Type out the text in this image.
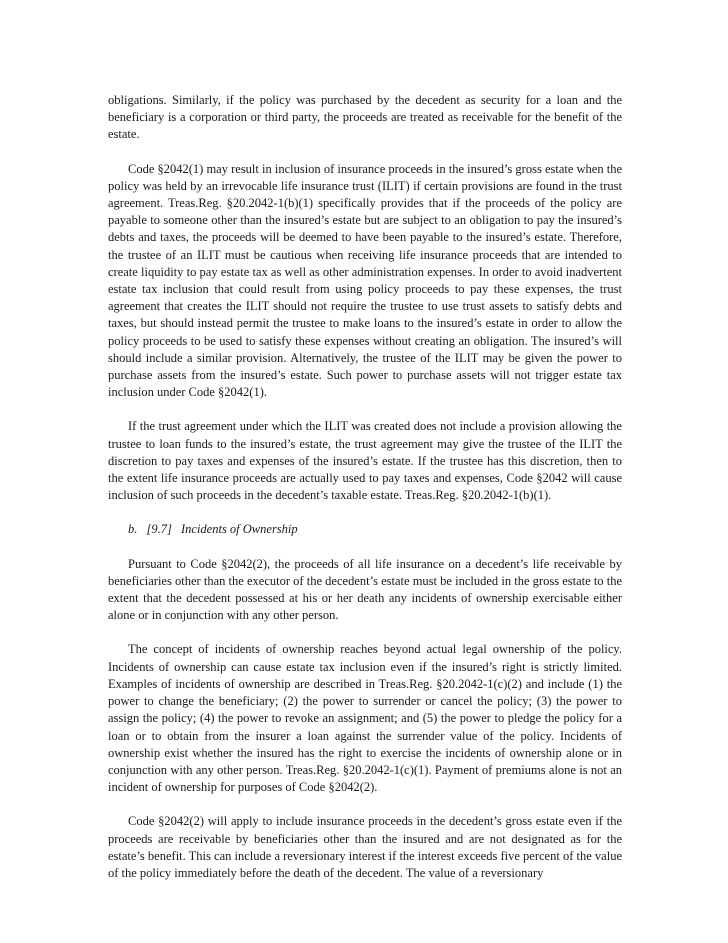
obligations. Similarly, if the policy was purchased by the decedent as security for a loan and the beneficiary is a corporation or third party, the proceeds are treated as receivable for the benefit of the estate.

Code §2042(1) may result in inclusion of insurance proceeds in the insured’s gross estate when the policy was held by an irrevocable life insurance trust (ILIT) if certain provisions are found in the trust agreement. Treas.Reg. §20.2042-1(b)(1) specifically provides that if the proceeds of the policy are payable to someone other than the insured’s estate but are subject to an obligation to pay the insured’s debts and taxes, the proceeds will be deemed to have been payable to the insured’s estate. Therefore, the trustee of an ILIT must be cautious when receiving life insurance proceeds that are intended to create liquidity to pay estate tax as well as other administration expenses. In order to avoid inadvertent estate tax inclusion that could result from using policy proceeds to pay these expenses, the trust agreement that creates the ILIT should not require the trustee to use trust assets to satisfy debts and taxes, but should instead permit the trustee to make loans to the insured’s estate in order to allow the policy proceeds to be used to satisfy these expenses without creating an obligation. The insured’s will should include a similar provision. Alternatively, the trustee of the ILIT may be given the power to purchase assets from the insured’s estate. Such power to purchase assets will not trigger estate tax inclusion under Code §2042(1).

If the trust agreement under which the ILIT was created does not include a provision allowing the trustee to loan funds to the insured’s estate, the trust agreement may give the trustee of the ILIT the discretion to pay taxes and expenses of the insured’s estate. If the trustee has this discretion, then to the extent life insurance proceeds are actually used to pay taxes and expenses, Code §2042 will cause inclusion of such proceeds in the decedent’s taxable estate. Treas.Reg. §20.2042-1(b)(1).

b. [9.7] Incidents of Ownership

Pursuant to Code §2042(2), the proceeds of all life insurance on a decedent’s life receivable by beneficiaries other than the executor of the decedent’s estate must be included in the gross estate to the extent that the decedent possessed at his or her death any incidents of ownership exercisable either alone or in conjunction with any other person.

The concept of incidents of ownership reaches beyond actual legal ownership of the policy. Incidents of ownership can cause estate tax inclusion even if the insured’s right is strictly limited. Examples of incidents of ownership are described in Treas.Reg. §20.2042-1(c)(2) and include (1) the power to change the beneficiary; (2) the power to surrender or cancel the policy; (3) the power to assign the policy; (4) the power to revoke an assignment; and (5) the power to pledge the policy for a loan or to obtain from the insurer a loan against the surrender value of the policy. Incidents of ownership exist whether the insured has the right to exercise the incidents of ownership alone or in conjunction with any other person. Treas.Reg. §20.2042-1(c)(1). Payment of premiums alone is not an incident of ownership for purposes of Code §2042(2).

Code §2042(2) will apply to include insurance proceeds in the decedent’s gross estate even if the proceeds are receivable by beneficiaries other than the insured and are not designated as for the estate’s benefit. This can include a reversionary interest if the interest exceeds five percent of the value of the policy immediately before the death of the decedent. The value of a reversionary
